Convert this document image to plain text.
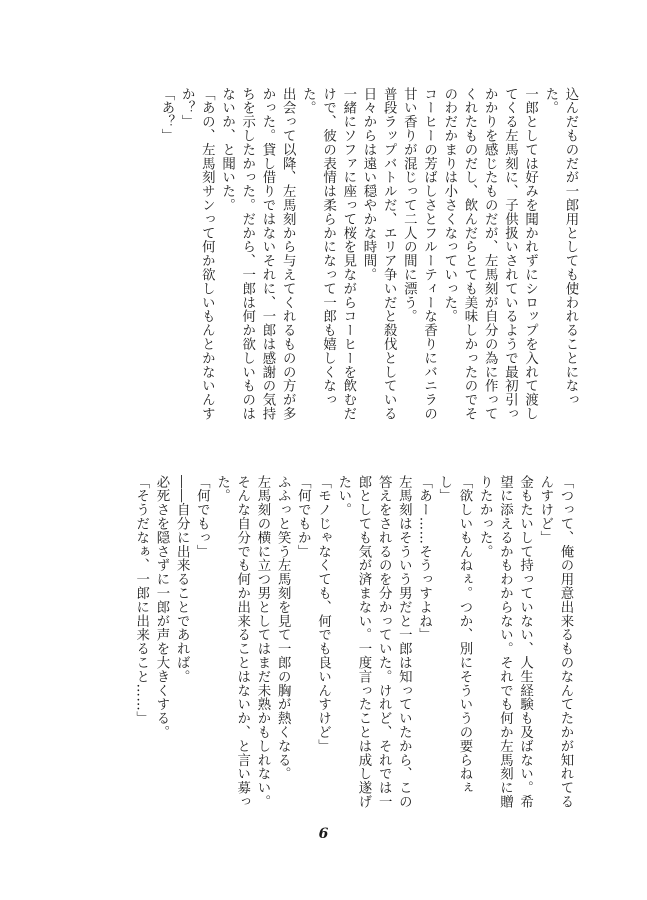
込んだものだが一郎用としても使われることになった。

一郎としては好みを聞かれずにシロップを入れて渡してくる左馬刻に、子供扱いされているようで最初引っかかりを感じたものだが、左馬刻が自分の為に作ってくれたものだし、飲んだらとても美味しかったのでそのわだかまりは小さくなっていった。

コーヒーの芳ばしさとフルーティーな香りにバニラの甘い香りが混じって二人の間に漂う。

普段ラップバトルだ、エリア争いだと殺伐としている日々からは遠い穏やかな時間。

一緒にソファに座って桜を見ながらコーヒーを飲むだけで、彼の表情は柔らかになって一郎も嬉しくなった。

出会って以降、左馬刻から与えてくれるものの方が多かった。貸し借りではないそれに、一郎は感謝の気持ちを示したかった。だから、一郎は何か欲しいものはないか、と聞いた。

「あの、左馬刻サンって何か欲しいもんとかないんすか？」

「あ？」

「つって、俺の用意出来るものなんてたかが知れてるんすけど」

金もたいして持っていない、人生経験も及ばない。希望に添えるかもわからない。それでも何か左馬刻に贈りたかった。

「欲しいもんねぇ。つか、別にそういうの要らねぇし」

「あー……そうっすよね」

左馬刻はそういう男だと一郎は知っていたから、この答えをされるのを分かっていた。けれど、それでは一郎としても気が済まない。一度言ったことは成し遂げたい。

「モノじゃなくても、何でも良いんすけど」

「何でもか」

ふふっと笑う左馬刻を見て一郎の胸が熱くなる。

左馬刻の横に立つ男としてはまだ未熟かもしれない。そんな自分でも何か出来ることはないか、と言い募った。

「何でもっ」

――自分に出来ることであれば。

必死さを隠さずに一郎が声を大きくする。

「そうだなぁ、一郎に出来ること……」

6
